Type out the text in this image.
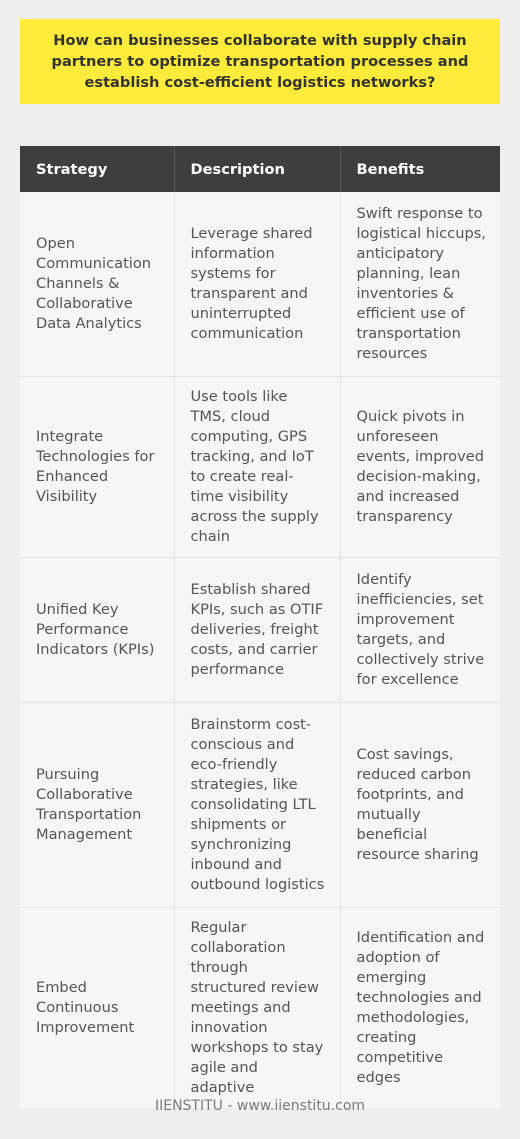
How can businesses collaborate with supply chain partners to optimize transportation processes and establish cost-efficient logistics networks?
Strategy	Description	Benefits
Open Communication Channels & Collaborative Data Analytics	Leverage shared information systems for transparent and uninterrupted communication	Swift response to logistical hiccups, anticipatory planning, lean inventories & efficient use of transportation resources
Integrate Technologies for Enhanced Visibility	Use tools like TMS, cloud computing, GPS tracking, and IoT to create real-time visibility across the supply chain	Quick pivots in unforeseen events, improved decision-making, and increased transparency
Unified Key Performance Indicators (KPIs)	Establish shared KPIs, such as OTIF deliveries, freight costs, and carrier performance	Identify inefficiencies, set improvement targets, and collectively strive for excellence
Pursuing Collaborative Transportation Management	Brainstorm cost-conscious and eco-friendly strategies, like consolidating LTL shipments or synchronizing inbound and outbound logistics	Cost savings, reduced carbon footprints, and mutually beneficial resource sharing
Embed Continuous Improvement	Regular collaboration through structured review meetings and innovation workshops to stay agile and adaptive	Identification and adoption of emerging technologies and methodologies, creating competitive edges
IIENSTITU - www.iienstitu.com
